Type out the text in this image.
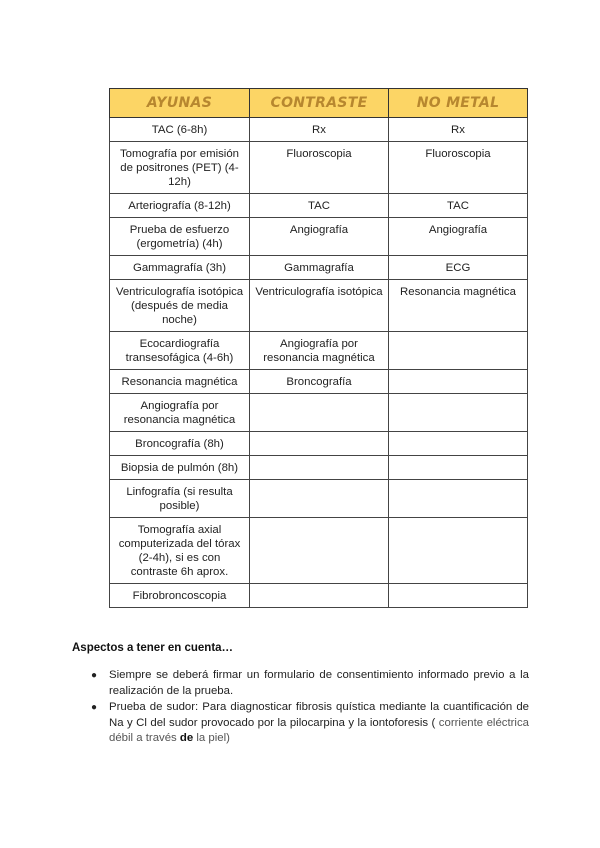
AYUNAS	CONTRASTE	NO METAL
TAC (6-8h)	Rx	Rx
Tomografía por emisión de positrones (PET) (4-12h)	Fluoroscopia	Fluoroscopia
Arteriografía (8-12h)	TAC	TAC
Prueba de esfuerzo (ergometría) (4h)	Angiografía	Angiografía
Gammagrafía (3h)	Gammagrafía	ECG
Ventriculografía isotópica (después de media noche)	Ventriculografía isotópica	Resonancia magnética
Ecocardiografía transesofágica (4-6h)	Angiografía por resonancia magnética	
Resonancia magnética	Broncografía	
Angiografía por resonancia magnética		
Broncografía (8h)		
Biopsia de pulmón (8h)		
Linfografía (si resulta posible)		
Tomografía axial computerizada del tórax (2-4h), si es con contraste 6h aprox.		
Fibrobroncoscopia		
Aspectos a tener en cuenta…
● Siempre se deberá firmar un formulario de consentimiento informado previo a la realización de la prueba.
● Prueba de sudor: Para diagnosticar fibrosis quística mediante la cuantificación de Na y Cl del sudor provocado por la pilocarpina y la iontoforesis ( corriente eléctrica débil a través de la piel)
